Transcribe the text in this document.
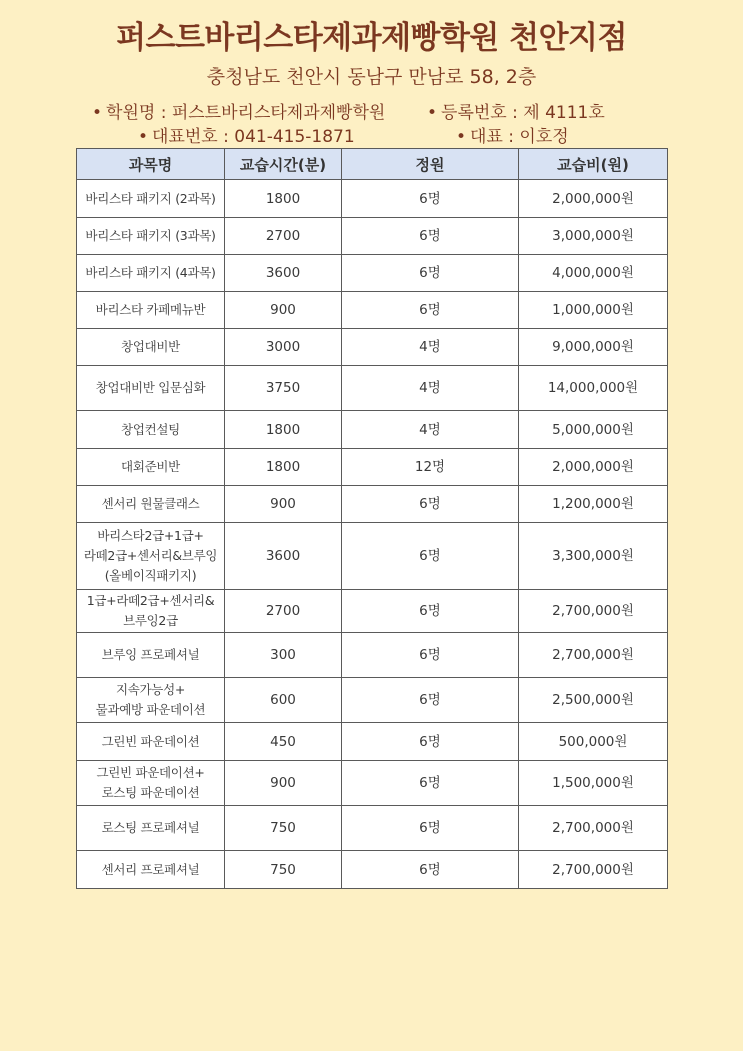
퍼스트바리스타제과제빵학원 천안지점
충청남도 천안시 동남구 만남로 58, 2층
• 학원명 : 퍼스트바리스타제과제빵학원 • 등록번호 : 제 4111호
• 대표번호 : 041-415-1871	• 대표 : 이호정
과목명	교습시간(분)	정원	교습비(원)
바리스타 패키지 (2과목)	1800	6명	2,000,000원
바리스타 패키지 (3과목)	2700	6명	3,000,000원
바리스타 패키지 (4과목)	3600	6명	4,000,000원
바리스타 카페메뉴반	900	6명	1,000,000원
창업대비반	3000	4명	9,000,000원
창업대비반 입문심화	3750	4명	14,000,000원
창업컨설팅	1800	4명	5,000,000원
대회준비반	1800	12명	2,000,000원
센서리 원물클래스	900	6명	1,200,000원
바리스타2급+1급+
라떼2급+센서리&브루잉
(올베이직패키지)	3600	6명	3,300,000원
1급+라떼2급+센서리&
브루잉2급	2700	6명	2,700,000원
브루잉 프로페셔널	300	6명	2,700,000원
지속가능성+
물과예방 파운데이션	600	6명	2,500,000원
그린빈 파운데이션	450	6명	500,000원
그린빈 파운데이션+
로스팅 파운데이션	900	6명	1,500,000원
로스팅 프로페셔널	750	6명	2,700,000원
센서리 프로페셔널	750	6명	2,700,000원
